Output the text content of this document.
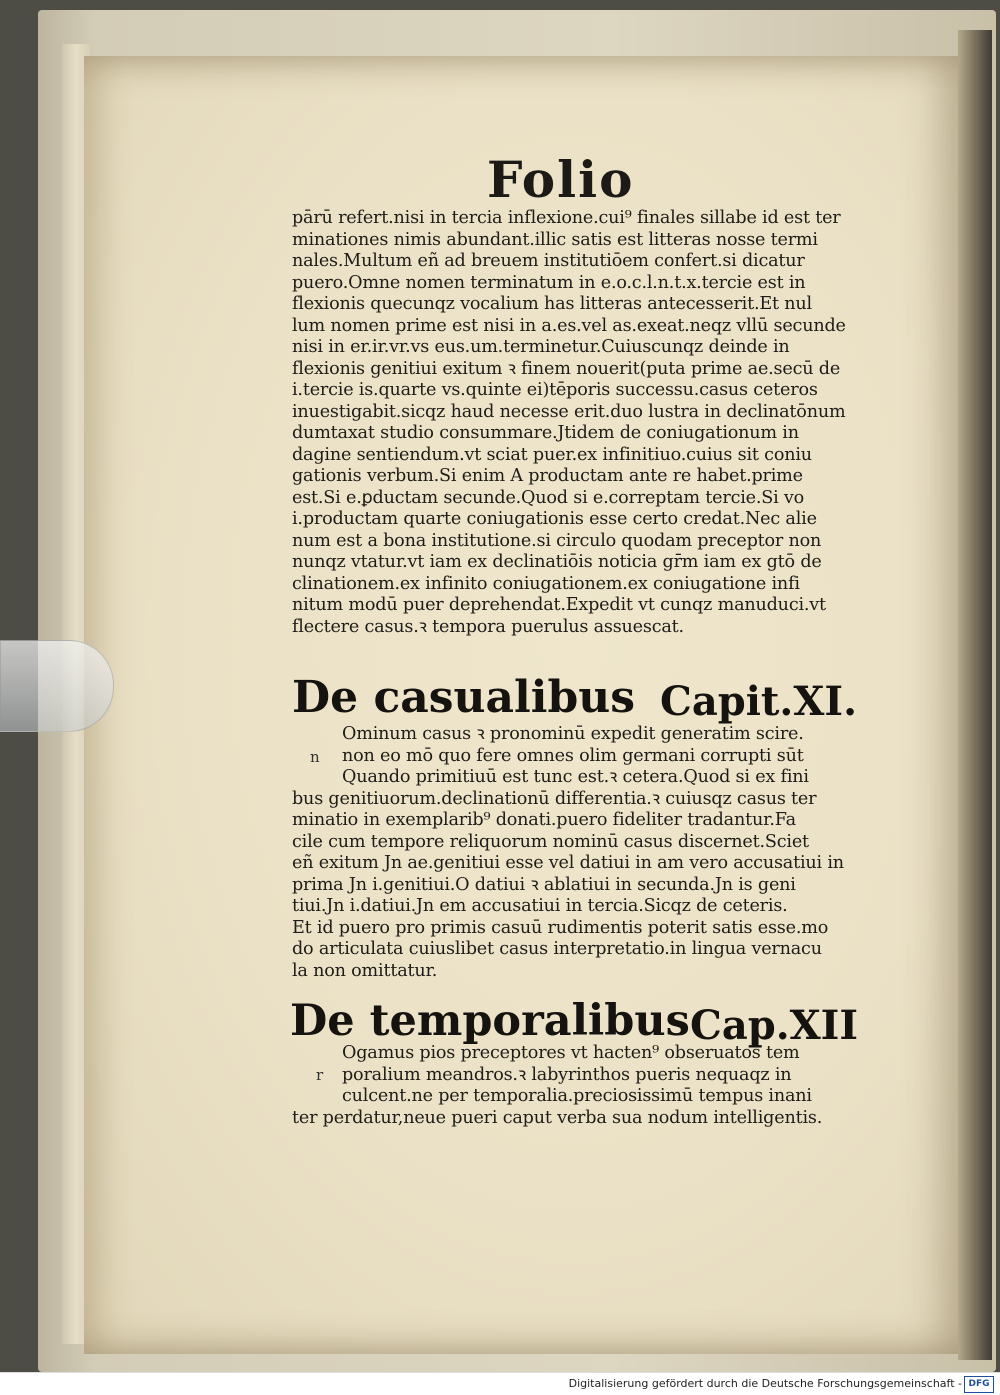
Folio
pārū refert.nisi in tercia inflexione.cui⁹ finales sillabe id est ter
minationes nimis abundant.illic satis est litteras nosse termi
nales.Multum eñ ad breuem institutiōem confert.si dicatur
puero.Omne nomen terminatum in e.o.c.l.n.t.x.tercie est in
flexionis quecunqz vocalium has litteras antecesserit.Et nul
lum nomen prime est nisi in a.es.vel as.exeat.neqz vllū secunde
nisi in er.ir.vr.vs eus.um.terminetur.Cuiuscunqz deinde in
flexionis genitiui exitum ꝛ finem nouerit(puta prime ae.secū de
i.tercie is.quarte vs.quinte ei)tēporis successu.casus ceteros
inuestigabit.sicqz haud necesse erit.duo lustra in declinatōnum
dumtaxat studio consummare.Jtidem de coniugationum in
dagine sentiendum.vt sciat puer.ex infinitiuo.cuius sit coniu
gationis verbum.Si enim A productam ante re habet.prime
est.Si e.ꝑductam secunde.Quod si e.correptam tercie.Si vo
i.productam quarte coniugationis esse certo credat.Nec alie
num est a bona institutione.si circulo quodam preceptor non
nunqz vtatur.vt iam ex declinatiōis noticia gr̄m iam ex gtō de
clinationem.ex infinito coniugationem.ex coniugatione infi
nitum modū puer deprehendat.Expedit vt cunqz manuduci.vt
flectere casus.ꝛ tempora puerulus assuescat.
De casualibus Capit.XI.
n
Ominum casus ꝛ pronominū expedit generatim scire.
non eo mō quo fere omnes olim germani corrupti sūt
Quando primitiuū est tunc est.ꝛ cetera.Quod si ex fini
bus genitiuorum.declinationū differentia.ꝛ cuiusqz casus ter
minatio in exemplarib⁹ donati.puero fideliter tradantur.Fa
cile cum tempore reliquorum nominū casus discernet.Sciet
eñ exitum Jn ae.genitiui esse vel datiui in am vero accusatiui in
prima Jn i.genitiui.O datiui ꝛ ablatiui in secunda.Jn is geni
tiui.Jn i.datiui.Jn em accusatiui in tercia.Sicqz de ceteris.
Et id puero pro primis casuū rudimentis poterit satis esse.mo
do articulata cuiuslibet casus interpretatio.in lingua vernacu
la non omittatur.
De temporalibus Cap.XII
r
Ogamus pios preceptores vt hacten⁹ obseruatos tem
poralium meandros.ꝛ labyrinthos pueris nequaqz in
culcent.ne per temporalia.preciosissimū tempus inani
ter perdatur,neue pueri caput verba sua nodum intelligentis.
Digitalisierung gefördert durch die Deutsche Forschungsgemeinschaft - DFG
